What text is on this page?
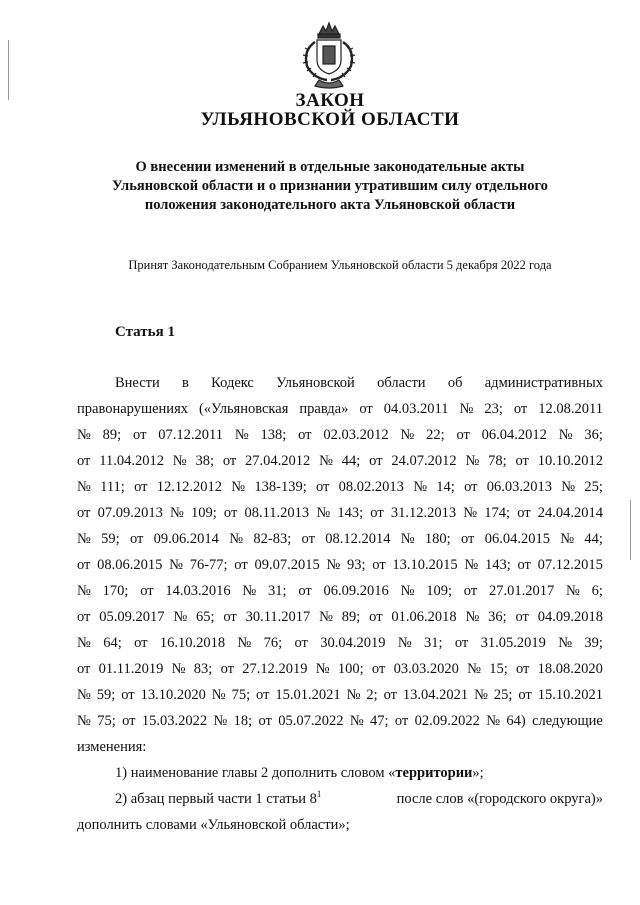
ЗАКОН
УЛЬЯНОВСКОЙ ОБЛАСТИ
О внесении изменений в отдельные законодательные акты
Ульяновской области и о признании утратившим силу отдельного
положения законодательного акта Ульяновской области
Принят Законодательным Собранием Ульяновской области 5 декабря 2022 года
Статья 1
Внести в Кодекс Ульяновской области об административных
правонарушениях («Ульяновская правда» от 04.03.2011 № 23; от 12.08.2011
№ 89; от 07.12.2011 № 138; от 02.03.2012 № 22; от 06.04.2012 № 36;
от 11.04.2012 № 38; от 27.04.2012 № 44; от 24.07.2012 № 78; от 10.10.2012
№ 111; от 12.12.2012 № 138-139; от 08.02.2013 № 14; от 06.03.2013 № 25;
от 07.09.2013 № 109; от 08.11.2013 № 143; от 31.12.2013 № 174; от 24.04.2014
№ 59; от 09.06.2014 № 82-83; от 08.12.2014 № 180; от 06.04.2015 № 44;
от 08.06.2015 № 76-77; от 09.07.2015 № 93; от 13.10.2015 № 143; от 07.12.2015
№ 170; от 14.03.2016 № 31; от 06.09.2016 № 109; от 27.01.2017 № 6;
от 05.09.2017 № 65; от 30.11.2017 № 89; от 01.06.2018 № 36; от 04.09.2018
№ 64; от 16.10.2018 № 76; от 30.04.2019 № 31; от 31.05.2019 № 39;
от 01.11.2019 № 83; от 27.12.2019 № 100; от 03.03.2020 № 15; от 18.08.2020
№ 59; от 13.10.2020 № 75; от 15.01.2021 № 2; от 13.04.2021 № 25; от 15.10.2021
№ 75; от 15.03.2022 № 18; от 05.07.2022 № 47; от 02.09.2022 № 64) следующие
изменения:
1) наименование главы 2 дополнить словом « территории »;
2) абзац первый части 1 статьи $8^1$	после слов «(городского округа)»
дополнить словами «Ульяновской области»;
